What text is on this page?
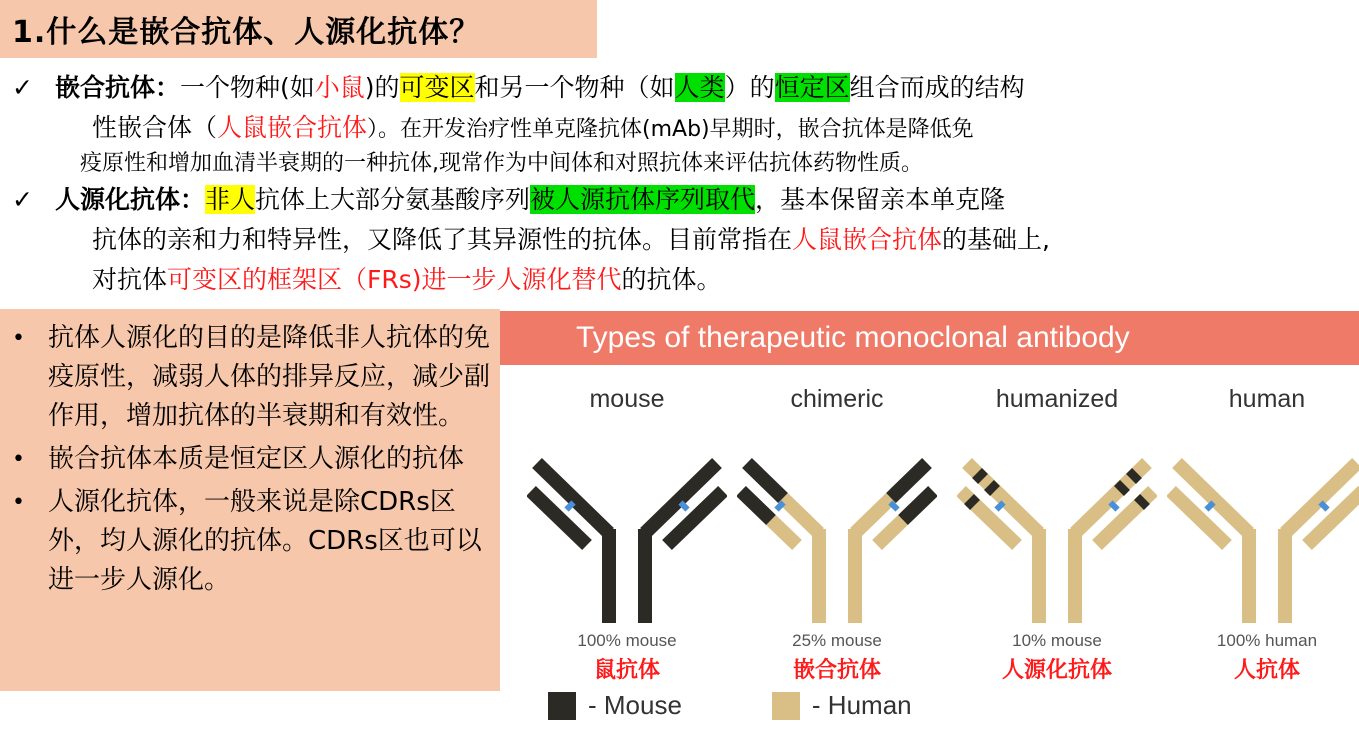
1.什么是嵌合抗体、人源化抗体？
✓ 嵌合抗体：一个物种(如小鼠)的可变区和另一个物种（如人类）的恒定区组合而成的结构
性嵌合体（人鼠嵌合抗体）。在开发治疗性单克隆抗体(mAb)早期时，嵌合抗体是降低免
疫原性和增加血清半衰期的一种抗体,现常作为中间体和对照抗体来评估抗体药物性质。
✓ 人源化抗体：非人抗体上大部分氨基酸序列被人源抗体序列取代，基本保留亲本单克隆
抗体的亲和力和特异性，又降低了其异源性的抗体。目前常指在人鼠嵌合抗体的基础上,
对抗体可变区的框架区（FRs)进一步人源化替代的抗体。
• 抗体人源化的目的是降低非人抗体的免疫原性，减弱人体的排异反应，减少副作用，增加抗体的半衰期和有效性。
• 嵌合抗体本质是恒定区人源化的抗体
• 人源化抗体，一般来说是除CDRs区外，均人源化的抗体。CDRs区也可以进一步人源化。
Types of therapeutic monoclonal antibody
mouse
100% mouse
鼠抗体
chimeric
25% mouse
嵌合抗体
humanized
10% mouse
人源化抗体
human
100% human
人抗体
- Mouse	- Human
